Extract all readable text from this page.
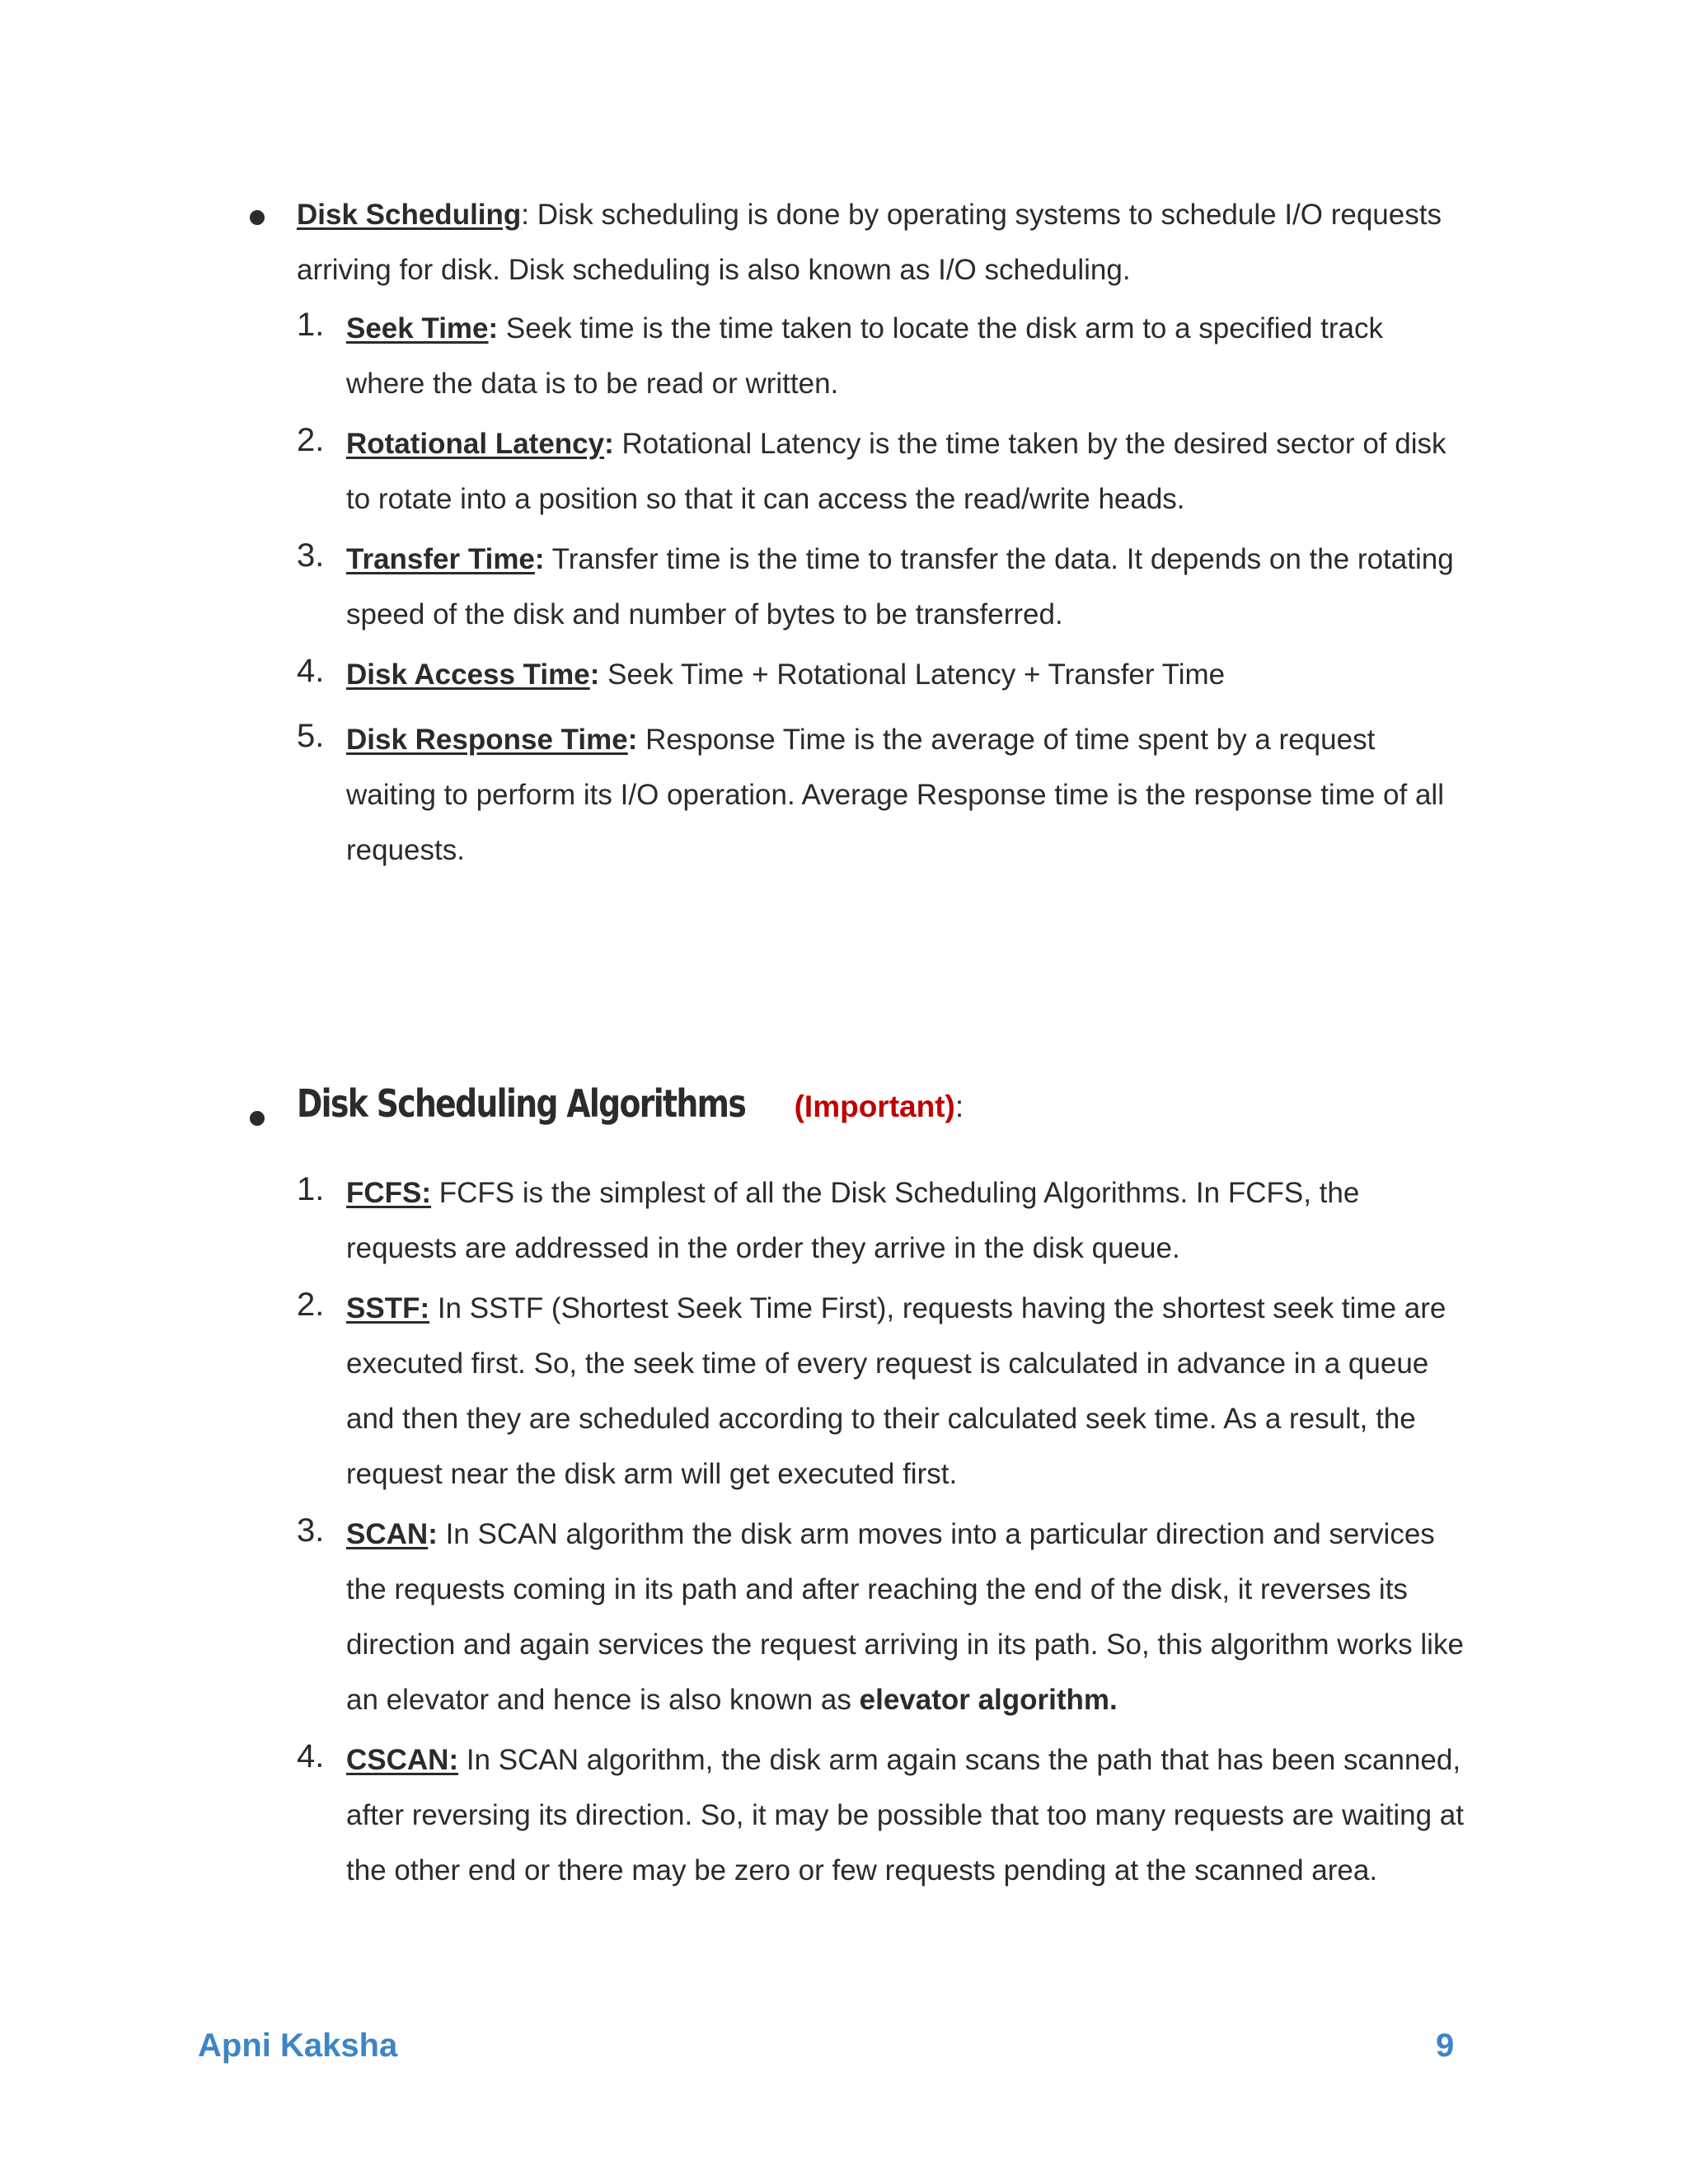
Disk Scheduling: Disk scheduling is done by operating systems to schedule I/O requests arriving for disk. Disk scheduling is also known as I/O scheduling.

1. Seek Time: Seek time is the time taken to locate the disk arm to a specified track where the data is to be read or written.
2. Rotational Latency: Rotational Latency is the time taken by the desired sector of disk to rotate into a position so that it can access the read/write heads.
3. Transfer Time: Transfer time is the time to transfer the data. It depends on the rotating speed of the disk and number of bytes to be transferred.
4. Disk Access Time: Seek Time + Rotational Latency + Transfer Time
5. Disk Response Time: Response Time is the average of time spent by a request waiting to perform its I/O operation. Average Response time is the response time of all requests.
Disk Scheduling Algorithms (Important):
1. FCFS: FCFS is the simplest of all the Disk Scheduling Algorithms. In FCFS, the requests are addressed in the order they arrive in the disk queue.
2. SSTF: In SSTF (Shortest Seek Time First), requests having the shortest seek time are executed first. So, the seek time of every request is calculated in advance in a queue and then they are scheduled according to their calculated seek time. As a result, the request near the disk arm will get executed first.
3. SCAN: In SCAN algorithm the disk arm moves into a particular direction and services the requests coming in its path and after reaching the end of the disk, it reverses its direction and again services the request arriving in its path. So, this algorithm works like an elevator and hence is also known as elevator algorithm.
4. CSCAN: In SCAN algorithm, the disk arm again scans the path that has been scanned, after reversing its direction. So, it may be possible that too many requests are waiting at the other end or there may be zero or few requests pending at the scanned area.
Apni Kaksha	9
